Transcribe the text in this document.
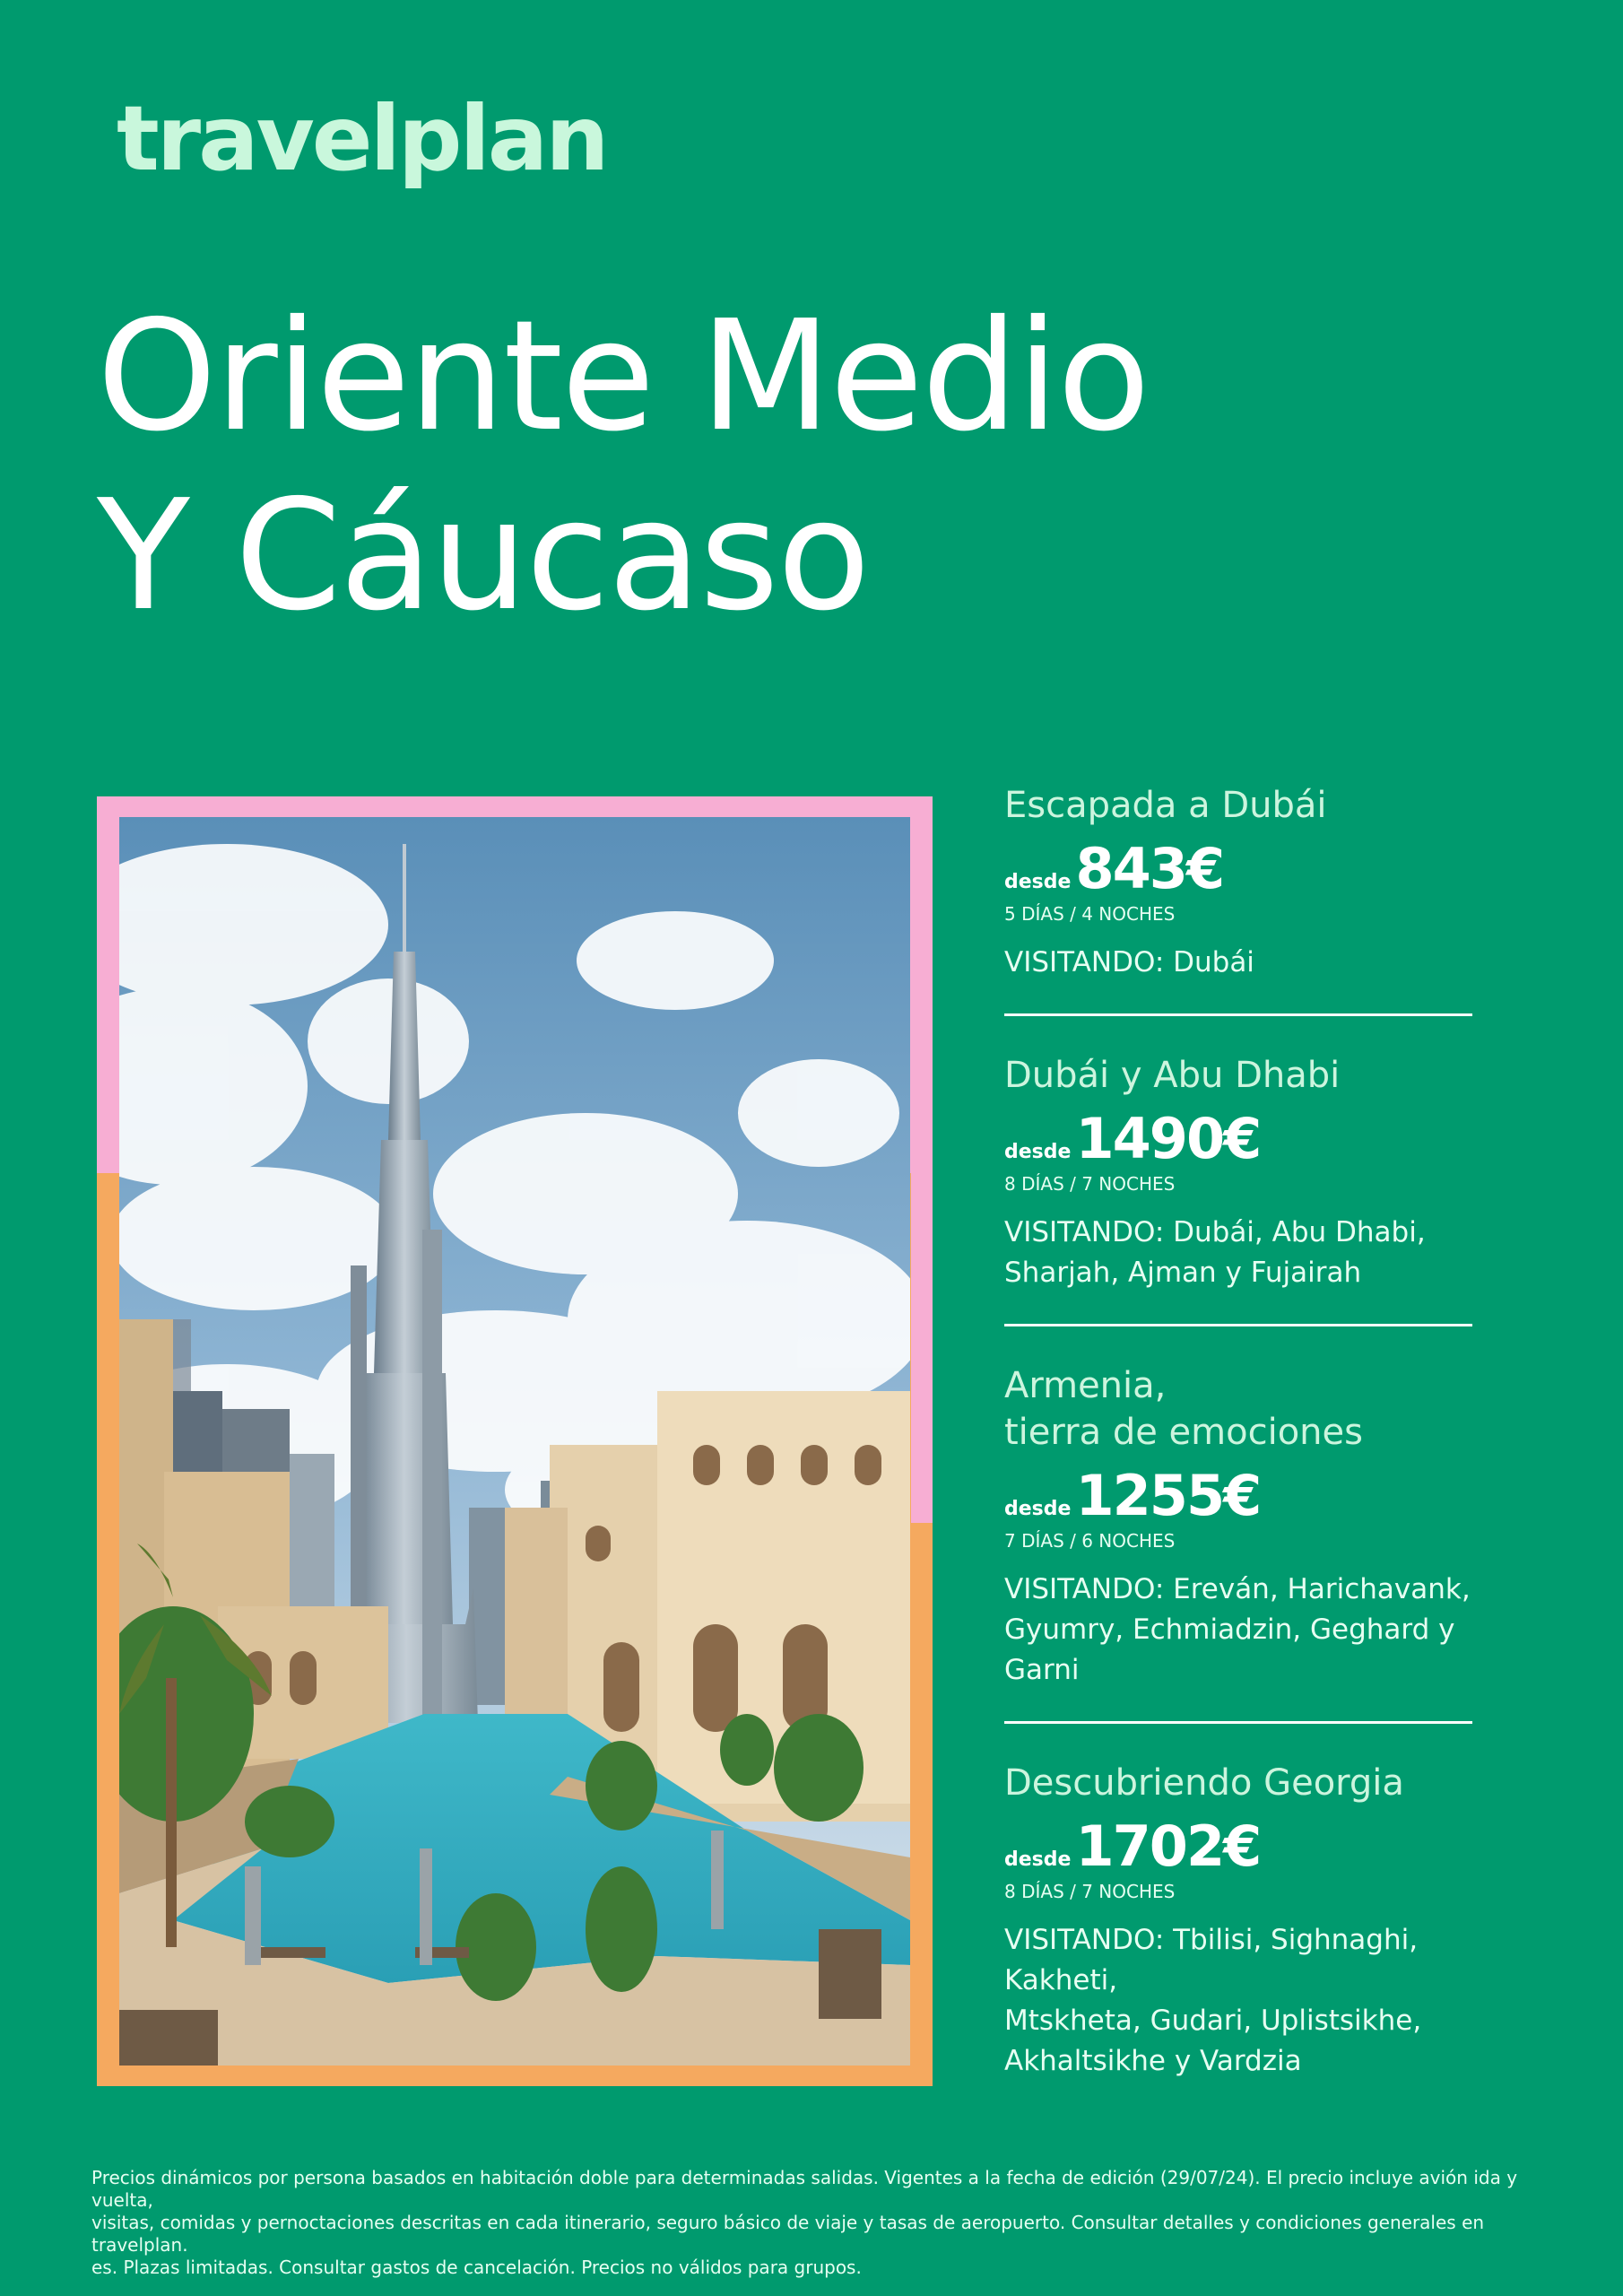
travelplan
Oriente Medio
Y Cáucaso
Escapada a Dubái
desde 843€
5 DÍAS / 4 NOCHES
VISITANDO: Dubái
Dubái y Abu Dhabi
desde 1490€
8 DÍAS / 7 NOCHES
VISITANDO: Dubái, Abu Dhabi,
Sharjah, Ajman y Fujairah
Armenia,
tierra de emociones
desde 1255€
7 DÍAS / 6 NOCHES
VISITANDO: Ereván, Harichavank,
Gyumry, Echmiadzin, Geghard y Garni
Descubriendo Georgia
desde 1702€
8 DÍAS / 7 NOCHES
VISITANDO: Tbilisi, Sighnaghi, Kakheti,
Mtskheta, Gudari, Uplistsikhe,
Akhaltsikhe y Vardzia
Precios dinámicos por persona basados en habitación doble para determinadas salidas. Vigentes a la fecha de edición (29/07/24). El precio incluye avión ida y vuelta,
visitas, comidas y pernoctaciones descritas en cada itinerario, seguro básico de viaje y tasas de aeropuerto. Consultar detalles y condiciones generales en travelplan.
es. Plazas limitadas. Consultar gastos de cancelación. Precios no válidos para grupos.
